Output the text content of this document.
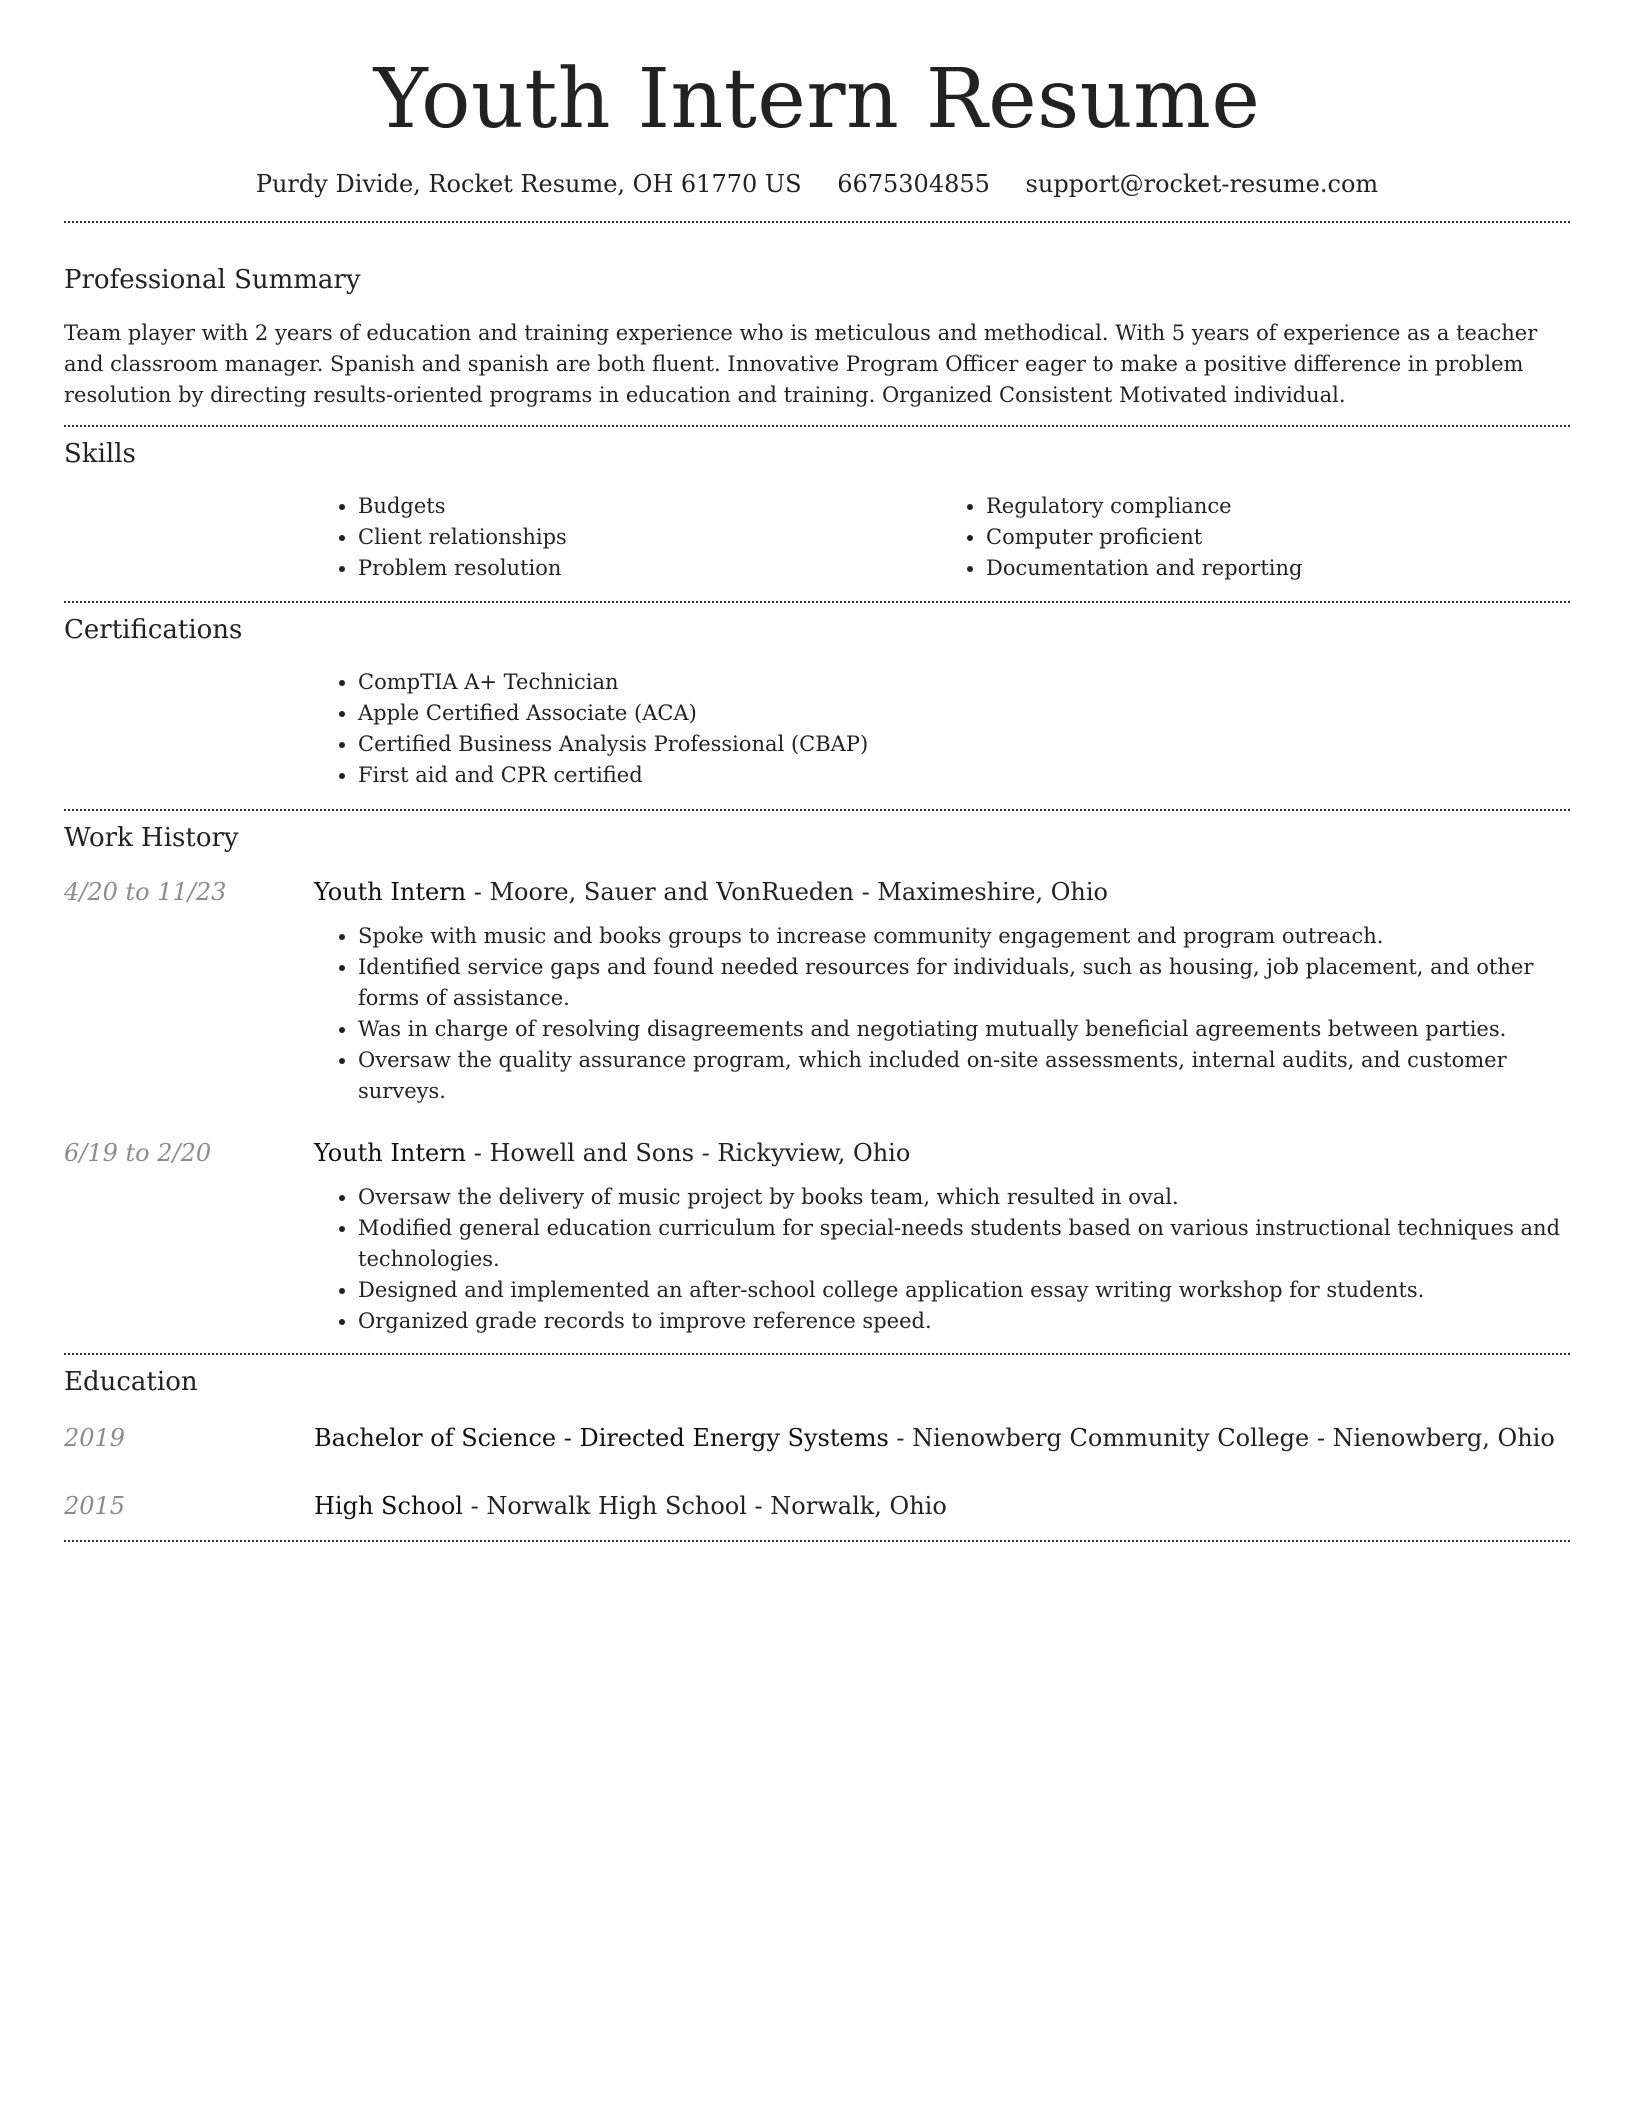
Youth Intern Resume
Purdy Divide, Rocket Resume, OH 61770 US 6675304855 support@rocket-resume.com
Professional Summary

Team player with 2 years of education and training experience who is meticulous and methodical. With 5 years of experience as a teacher and classroom manager. Spanish and spanish are both fluent. Innovative Program Officer eager to make a positive difference in problem resolution by directing results-oriented programs in education and training. Organized Consistent Motivated individual.

Skills
• Budgets
• Client relationships
• Problem resolution
• Regulatory compliance
• Computer proficient
• Documentation and reporting
Certifications
• CompTIA A+ Technician
• Apple Certified Associate (ACA)
• Certified Business Analysis Professional (CBAP)
• First aid and CPR certified
Work History
4/20 to 11/23	Youth Intern - Moore, Sauer and VonRueden - Maximeshire, Ohio
• Spoke with music and books groups to increase community engagement and program outreach.
• Identified service gaps and found needed resources for individuals, such as housing, job placement, and other forms of assistance.
• Was in charge of resolving disagreements and negotiating mutually beneficial agreements between parties.
• Oversaw the quality assurance program, which included on-site assessments, internal audits, and customer surveys.
6/19 to 2/20	Youth Intern - Howell and Sons - Rickyview, Ohio
• Oversaw the delivery of music project by books team, which resulted in oval.
• Modified general education curriculum for special-needs students based on various instructional techniques and technologies.
• Designed and implemented an after-school college application essay writing workshop for students.
• Organized grade records to improve reference speed.
Education
2019	Bachelor of Science - Directed Energy Systems - Nienowberg Community College - Nienowberg, Ohio
2015	High School - Norwalk High School - Norwalk, Ohio
